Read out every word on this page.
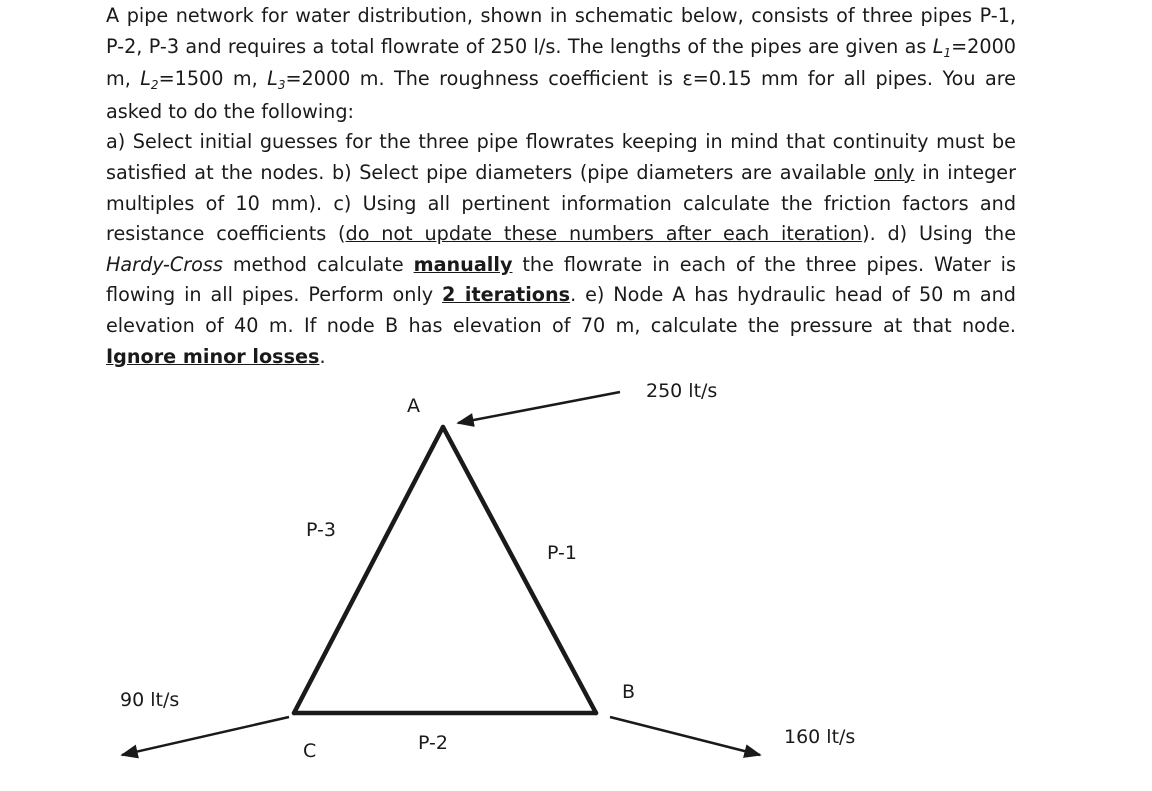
A pipe network for water distribution, shown in schematic below, consists of three pipes P-1, P-2, P-3 and requires a total flowrate of 250 l/s. The lengths of the pipes are given as $L_1=2000$ m, $L_2=1500$ m, $L_3=2000$ m. The roughness coefficient is ε=0.15 mm for all pipes. You are asked to do the following:

a) Select initial guesses for the three pipe flowrates keeping in mind that continuity must be satisfied at the nodes. b) Select pipe diameters (pipe diameters are available only in integer multiples of 10 mm). c) Using all pertinent information calculate the friction factors and resistance coefficients (do not update these numbers after each iteration). d) Using the Hardy-Cross method calculate manually the flowrate in each of the three pipes. Water is flowing in all pipes. Perform only 2 iterations. e) Node A has hydraulic head of 50 m and elevation of 40 m. If node B has elevation of 70 m, calculate the pressure at that node. Ignore minor losses.

A
B
C
P-1
P-2
P-3
250 lt/s
90 lt/s
160 lt/s
